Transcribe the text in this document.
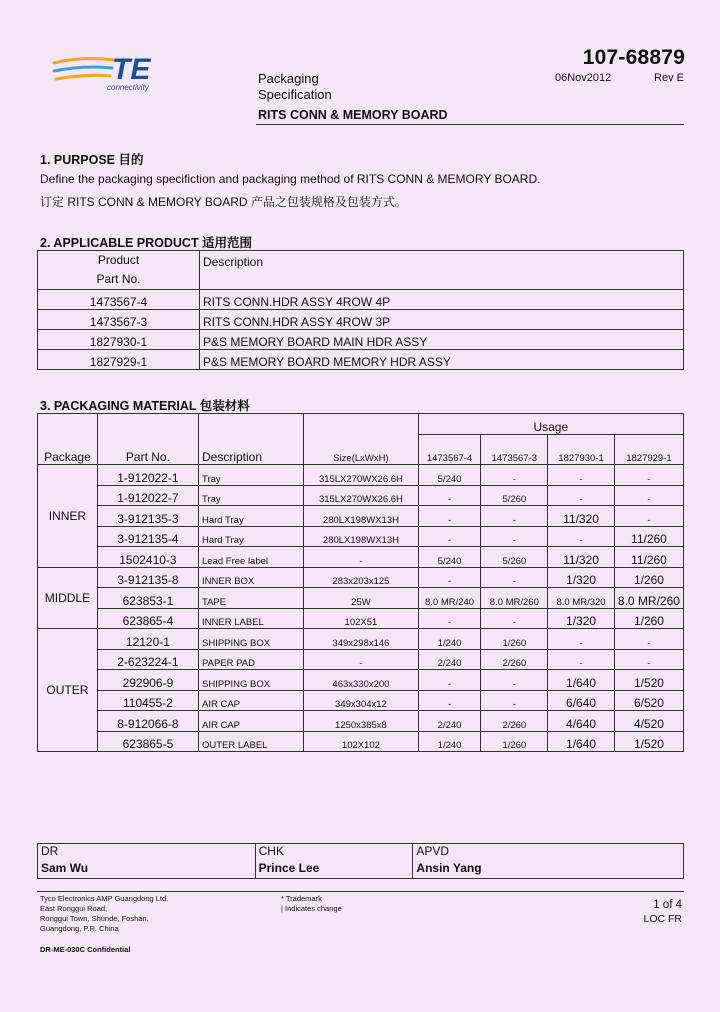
TE
connectivity
107-68879
06Nov2012	Rev E
Packaging
Specification
RITS CONN & MEMORY BOARD
1. PURPOSE 目的
Define the packaging specifiction and packaging method of RITS CONN & MEMORY BOARD.
订定 RITS CONN & MEMORY BOARD 产品之包装规格及包装方式。
2. APPLICABLE PRODUCT 适用范围
Product
Part No.	Description
1473567-4	RITS CONN.HDR ASSY 4ROW 4P
1473567-3	RITS CONN.HDR ASSY 4ROW 3P
1827930-1	P&S MEMORY BOARD MAIN HDR ASSY
1827929-1	P&S MEMORY BOARD MEMORY HDR ASSY
3. PACKAGING MATERIAL 包装材料
Package	Part No.	Description	Size(LxWxH)	Usage			
				1473567-4	1473567-3	1827930-1	1827929-1
INNER	1-912022-1	Tray	315LX270WX26.6H	5/240	-	-	-
	1-912022-7	Tray	315LX270WX26.6H	-	5/260	-	-
	3-912135-3	Hard Tray	280LX198WX13H	-	-	11/320	-
	3-912135-4	Hard Tray	280LX198WX13H	-	-	-	11/260
	1502410-3	Lead Free label	-	5/240	5/260	11/320	11/260
MIDDLE	3-912135-8	INNER BOX	283x203x125	-	-	1/320	1/260
	623853-1	TAPE	25W	8.0 MR/240	8.0 MR/260	8.0 MR/320	8.0 MR/260
	623865-4	INNER LABEL	102X51	-	-	1/320	1/260
OUTER	12120-1	SHIPPING BOX	349x298x146	1/240	1/260	-	-
	2-623224-1	PAPER PAD	-	2/240	2/260	-	-
	292906-9	SHIPPING BOX	463x330x200	-	-	1/640	1/520
	110455-2	AIR CAP	349x304x12	-	-	6/640	6/520
	8-912066-8	AIR CAP	1250x385x8	2/240	2/260	4/640	4/520
	623865-5	OUTER LABEL	102X102	1/240	1/260	1/640	1/520
DR	CHK	APVD
Sam Wu	Prince Lee	Ansin Yang
Tyco Electronics AMP Guangdong Ltd.
East Ronggui Road,
Ronggui Town, Shunde, Foshan,
Guangdong, P.R. China
* Trademark
| Indicates change	1 of 4
LOC FR
DR-ME-030C Confidential
